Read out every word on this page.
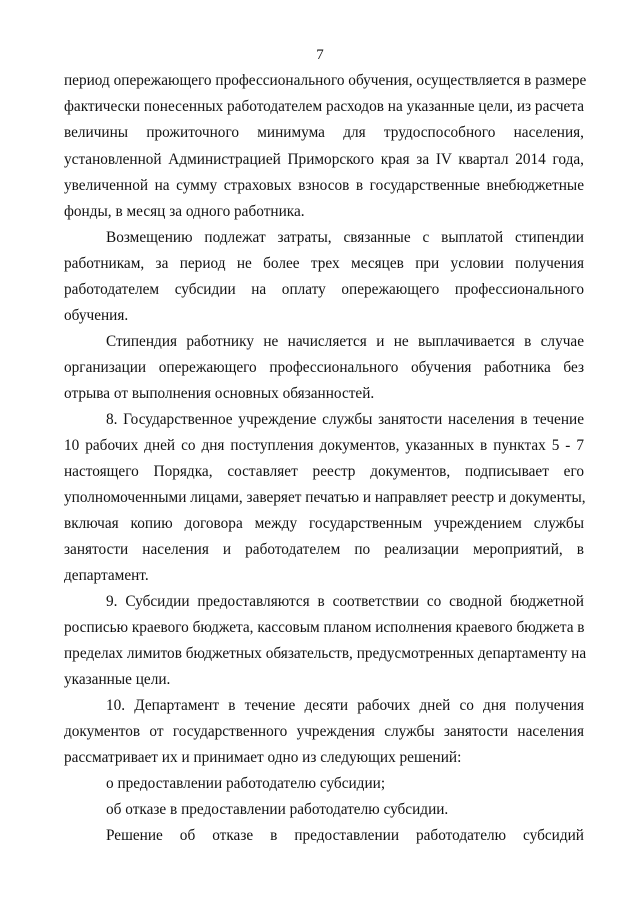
7
период опережающего профессионального обучения, осуществляется в размере
фактически понесенных работодателем расходов на указанные цели, из расчета
величины прожиточного минимума для трудоспособного населения,
установленной Администрацией Приморского края за IV квартал 2014 года,
увеличенной на сумму страховых взносов в государственные внебюджетные
фонды, в месяц за одного работника.
Возмещению подлежат затраты, связанные с выплатой стипендии
работникам, за период не более трех месяцев при условии получения
работодателем субсидии на оплату опережающего профессионального
обучения.
Стипендия работнику не начисляется и не выплачивается в случае
организации опережающего профессионального обучения работника без
отрыва от выполнения основных обязанностей.
8. Государственное учреждение службы занятости населения в течение
10 рабочих дней со дня поступления документов, указанных в пунктах 5 - 7
настоящего Порядка, составляет реестр документов, подписывает его
уполномоченными лицами, заверяет печатью и направляет реестр и документы,
включая копию договора между государственным учреждением службы
занятости населения и работодателем по реализации мероприятий, в
департамент.
9. Субсидии предоставляются в соответствии со сводной бюджетной
росписью краевого бюджета, кассовым планом исполнения краевого бюджета в
пределах лимитов бюджетных обязательств, предусмотренных департаменту на
указанные цели.
10. Департамент в течение десяти рабочих дней со дня получения
документов от государственного учреждения службы занятости населения
рассматривает их и принимает одно из следующих решений:
о предоставлении работодателю субсидии;
об отказе в предоставлении работодателю субсидии.
Решение об отказе в предоставлении работодателю субсидий
